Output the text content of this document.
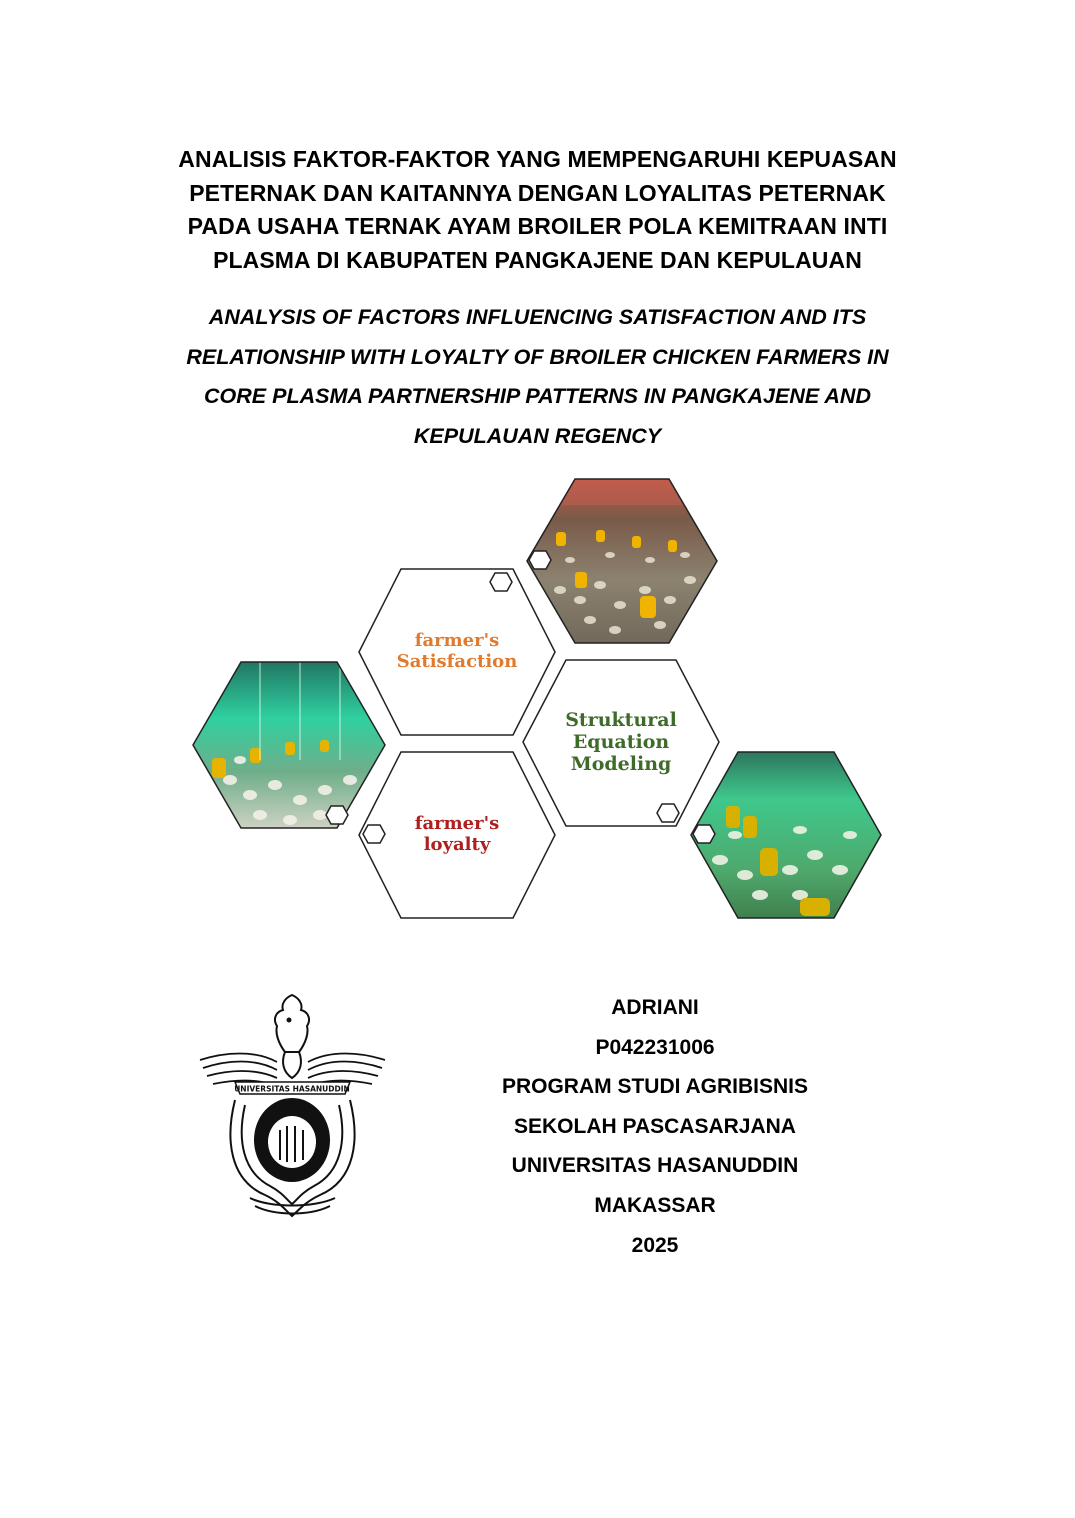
ANALISIS FAKTOR-FAKTOR YANG MEMPENGARUHI KEPUASAN
PETERNAK DAN KAITANNYA DENGAN LOYALITAS PETERNAK
PADA USAHA TERNAK AYAM BROILER POLA KEMITRAAN INTI
PLASMA DI KABUPATEN PANGKAJENE DAN KEPULAUAN
ANALYSIS OF FACTORS INFLUENCING SATISFACTION AND ITS
RELATIONSHIP WITH LOYALTY OF BROILER CHICKEN FARMERS IN
CORE PLASMA PARTNERSHIP PATTERNS IN PANGKAJENE AND
KEPULAUAN REGENCY
farmer's
Satisfaction
Struktural
Equation
Modeling
farmer's
loyalty
UNIVERSITAS HASANUDDIN
ADRIANI
P042231006
PROGRAM STUDI AGRIBISNIS
SEKOLAH PASCASARJANA
UNIVERSITAS HASANUDDIN
MAKASSAR
2025
